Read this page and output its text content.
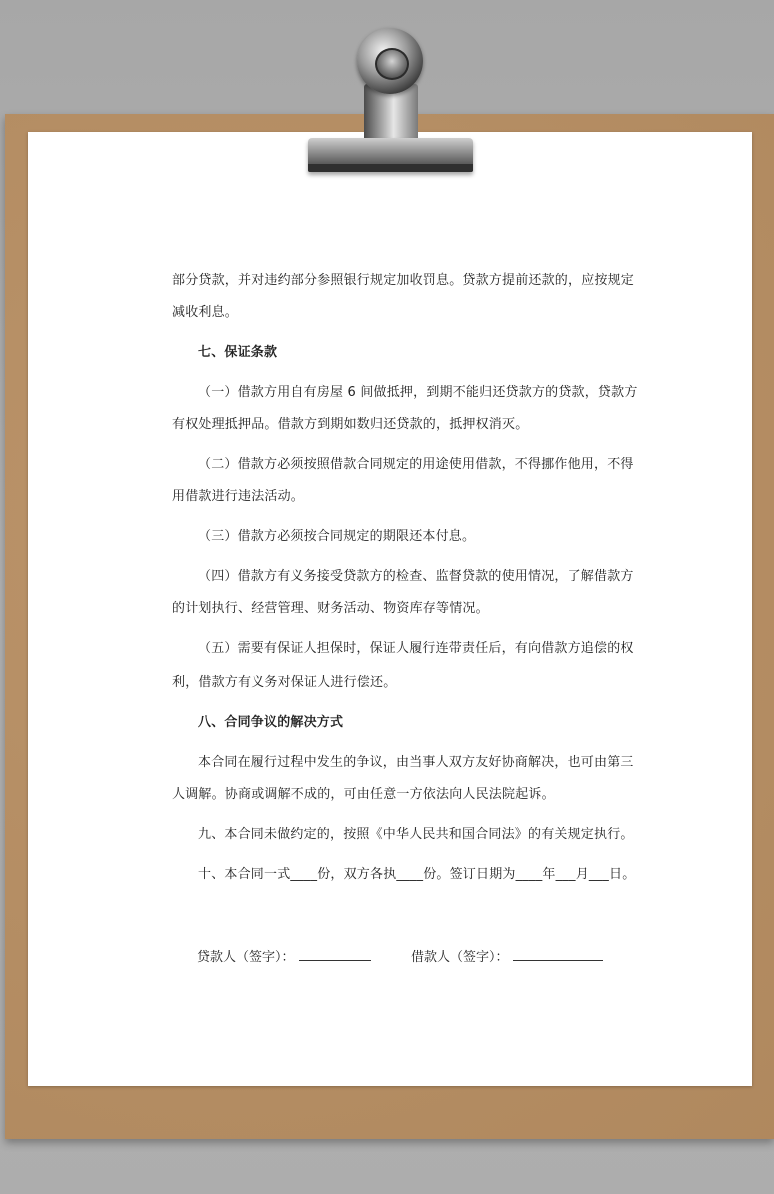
部分贷款，并对违约部分参照银行规定加收罚息。贷款方提前还款的，应按规定
减收利息。
七、保证条款
（一）借款方用自有房屋 6 间做抵押，到期不能归还贷款方的贷款，贷款方
有权处理抵押品。借款方到期如数归还贷款的，抵押权消灭。
（二）借款方必须按照借款合同规定的用途使用借款，不得挪作他用，不得
用借款进行违法活动。
（三）借款方必须按合同规定的期限还本付息。
（四）借款方有义务接受贷款方的检查、监督贷款的使用情况，了解借款方
的计划执行、经营管理、财务活动、物资库存等情况。
（五）需要有保证人担保时，保证人履行连带责任后，有向借款方追偿的权
利，借款方有义务对保证人进行偿还。
八、合同争议的解决方式
本合同在履行过程中发生的争议，由当事人双方友好协商解决，也可由第三
人调解。协商或调解不成的，可由任意一方依法向人民法院起诉。
九、本合同未做约定的，按照《中华人民共和国合同法》的有关规定执行。
十、本合同一式____份，双方各执____份。签订日期为____年___月___日。
贷款人（签字）：	借款人（签字）：
